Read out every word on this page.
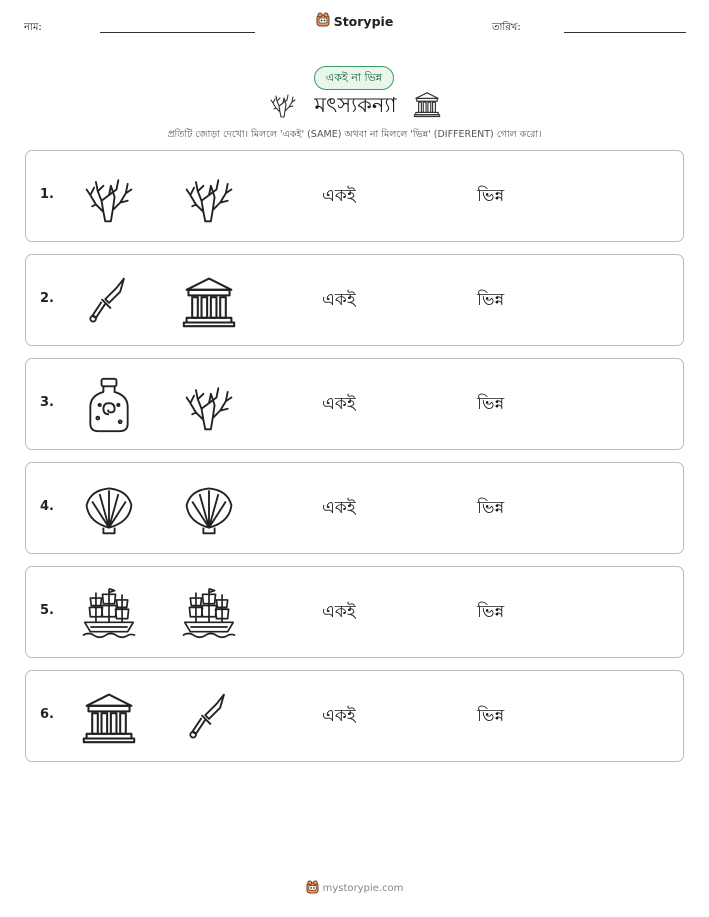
নাম:	Storypie	তারিখ:
একই না ভিন্ন
মৎস্যকন্যা
প্রতিটি জোড়া দেখো। মিললে 'একই' (SAME) অথবা না মিললে 'ভিন্ন' (DIFFERENT) গোল করো।
1.	একই	ভিন্ন
2.	একই	ভিন্ন
3.	একই	ভিন্ন
4.	একই	ভিন্ন
5.	একই	ভিন্ন
6.	একই	ভিন্ন
mystorypie.com
